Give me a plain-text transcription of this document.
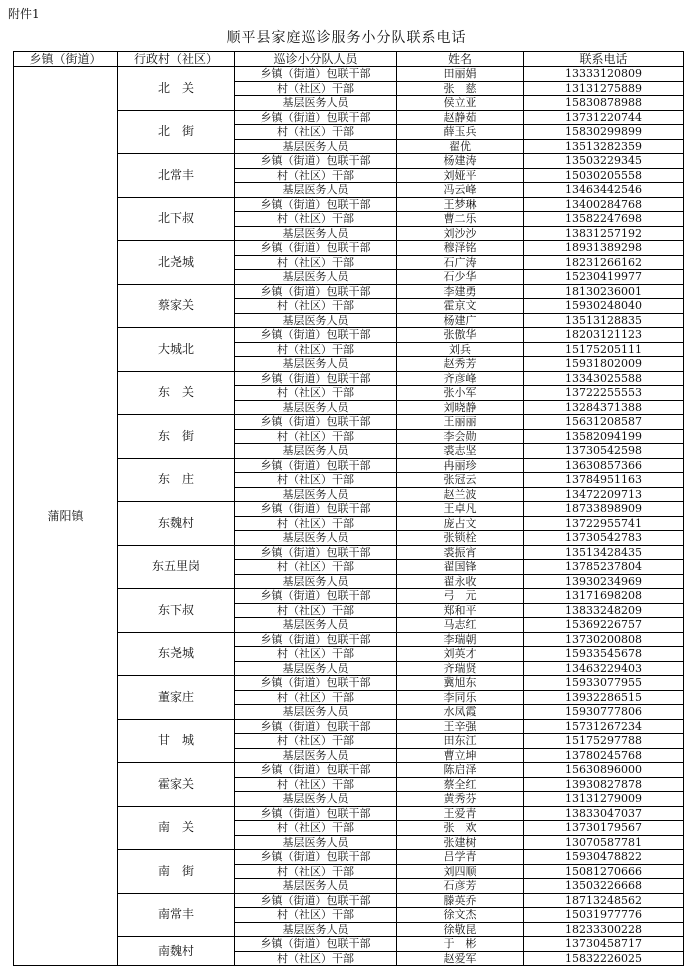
附件1
顺平县家庭巡诊服务小分队联系电话
乡镇（街道）	行政村（社区）	巡诊小分队人员	姓名	联系电话
蒲阳镇	北　关	乡镇（街道）包联干部	田丽娟	13333120809
		村（社区）干部	张　慈	13131275889
		基层医务人员	侯立亚	15830878988
	北　街	乡镇（街道）包联干部	赵静茹	13731220744
		村（社区）干部	薛玉兵	15830299899
		基层医务人员	翟优	13513282359
	北常丰	乡镇（街道）包联干部	杨建涛	13503229345
		村（社区）干部	刘娅平	15030205558
		基层医务人员	冯云峰	13463442546
	北下叔	乡镇（街道）包联干部	王梦琳	13400284768
		村（社区）干部	曹二乐	13582247698
		基层医务人员	刘沙沙	13831257192
	北尧城	乡镇（街道）包联干部	穆泽铭	18931389298
		村（社区）干部	石广涛	18231266162
		基层医务人员	石少华	15230419977
	蔡家关	乡镇（街道）包联干部	李建勇	18130236001
		村（社区）干部	霍京文	15930248040
		基层医务人员	杨建广	13513128835
	大城北	乡镇（街道）包联干部	张傲华	18203121123
		村（社区）干部	刘兵	15175205111
		基层医务人员	赵秀芳	15931802009
	东　关	乡镇（街道）包联干部	齐彦峰	13343025588
		村（社区）干部	张小军	13722255553
		基层医务人员	刘晓静	13284371388
	东　街	乡镇（街道）包联干部	王丽丽	15631208587
		村（社区）干部	李会勋	13582094199
		基层医务人员	裘志坚	13730542598
	东　庄	乡镇（街道）包联干部	冉丽珍	13630857366
		村（社区）干部	张冠云	13784951163
		基层医务人员	赵兰波	13472209713
	东魏村	乡镇（街道）包联干部	王卓凡	18733898909
		村（社区）干部	庞占文	13722955741
		基层医务人员	张锁栓	13730542783
	东五里岗	乡镇（街道）包联干部	裘振宵	13513428435
		村（社区）干部	翟国锋	13785237804
		基层医务人员	翟永收	13930234969
	东下叔	乡镇（街道）包联干部	弓　元	13171698208
		村（社区）干部	郑和平	13833248209
		基层医务人员	马志红	15369226757
	东尧城	乡镇（街道）包联干部	李瑞朝	13730200808
		村（社区）干部	刘英才	15933545678
		基层医务人员	齐瑞贤	13463229403
	董家庄	乡镇（街道）包联干部	冀旭东	15933077955
		村（社区）干部	李同乐	13932286515
		基层医务人员	水凤霞	15930777806
	甘　城	乡镇（街道）包联干部	王辛强	15731267234
		村（社区）干部	田东江	15175297788
		基层医务人员	曹立坤	13780245768
	霍家关	乡镇（街道）包联干部	陈启泽	15630896000
		村（社区）干部	蔡全红	13930827878
		基层医务人员	黄秀芬	13131279009
	南　关	乡镇（街道）包联干部	王爱青	13833047037
		村（社区）干部	张　欢	13730179567
		基层医务人员	张建树	13070587781
	南　街	乡镇（街道）包联干部	吕学青	15930478822
		村（社区）干部	刘四顺	15081270666
		基层医务人员	石彦芳	13503226668
	南常丰	乡镇（街道）包联干部	滕英乔	18713248562
		村（社区）干部	徐文杰	15031977776
		基层医务人员	徐敬昆	18233300228
	南魏村	乡镇（街道）包联干部	于　彬	13730458717
		村（社区）干部	赵爱军	15832226025
